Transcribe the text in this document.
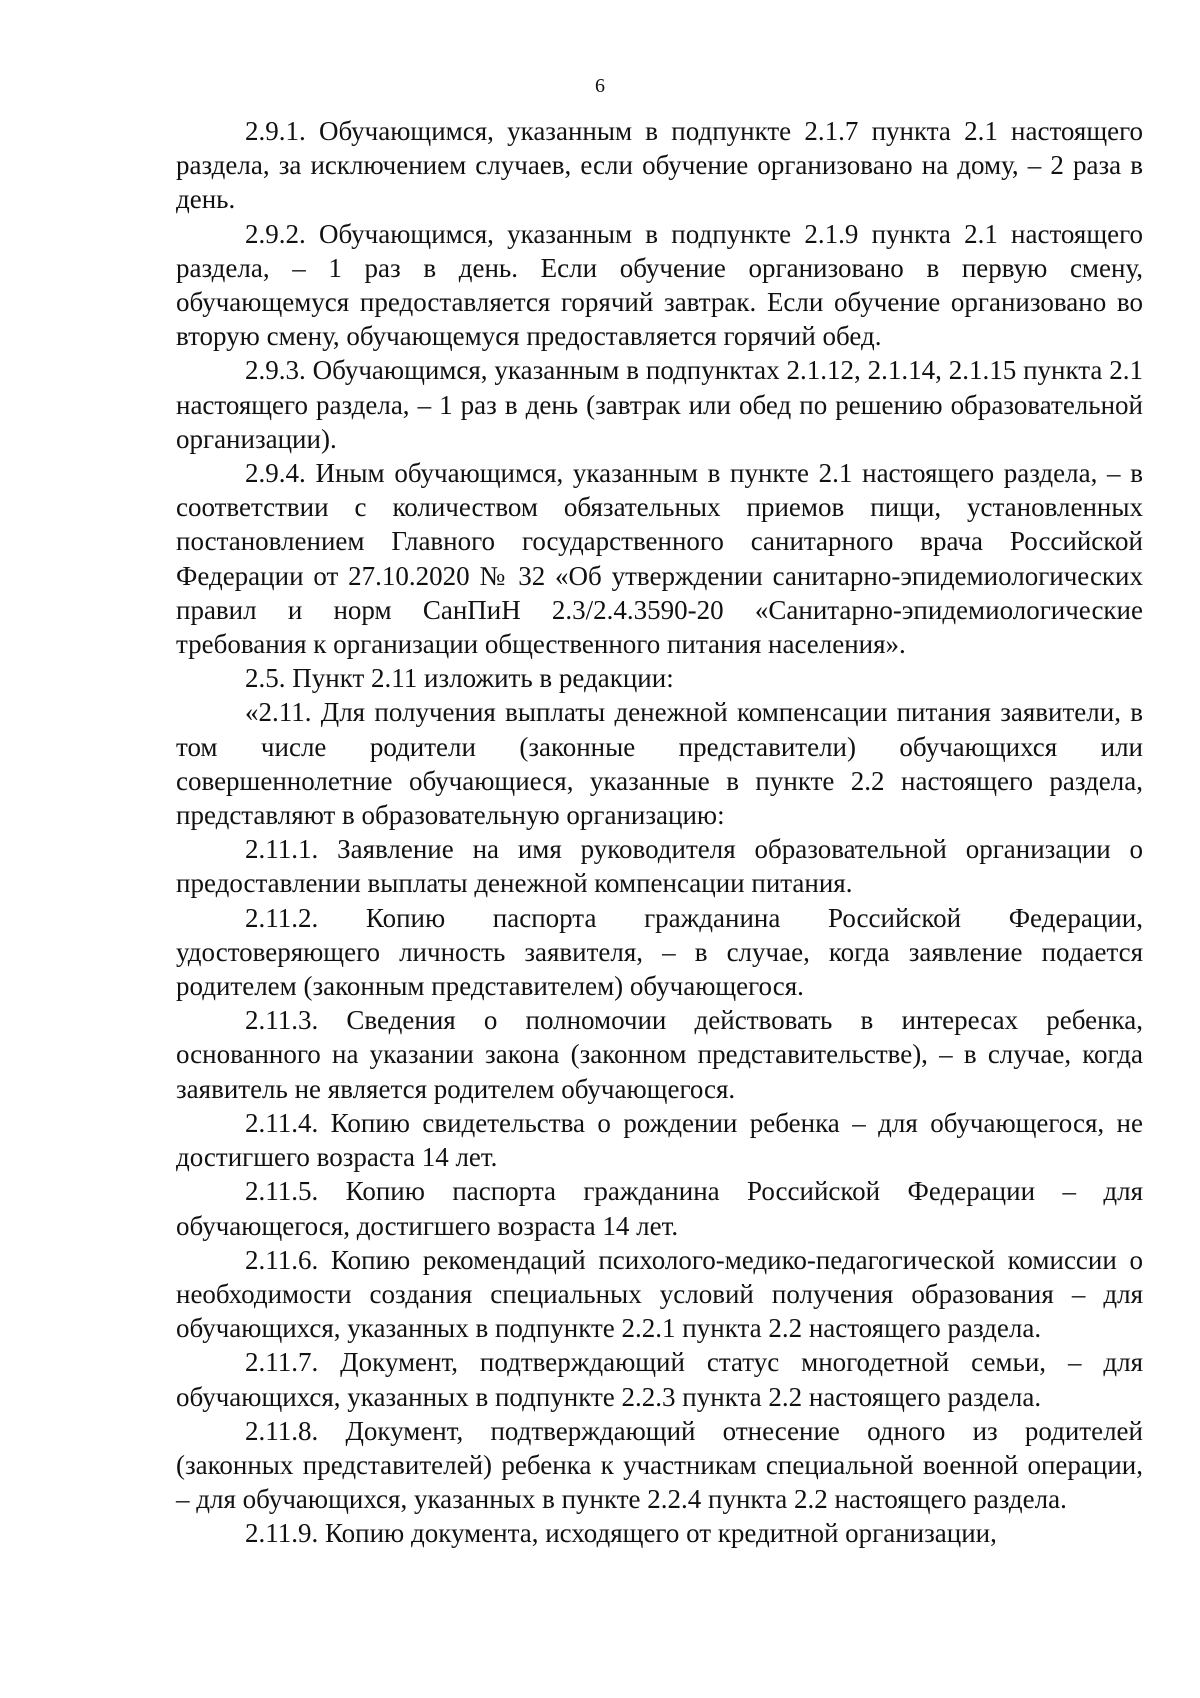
6

2.9.1. Обучающимся, указанным в подпункте 2.1.7 пункта 2.1 настоящего раздела, за исключением случаев, если обучение организовано на дому, – 2 раза в день.

2.9.2. Обучающимся, указанным в подпункте 2.1.9 пункта 2.1 настоящего раздела, – 1 раз в день. Если обучение организовано в первую смену, обучающемуся предоставляется горячий завтрак. Если обучение организовано во вторую смену, обучающемуся предоставляется горячий обед.

2.9.3. Обучающимся, указанным в подпунктах 2.1.12, 2.1.14, 2.1.15 пункта 2.1 настоящего раздела, – 1 раз в день (завтрак или обед по решению образовательной организации).

2.9.4. Иным обучающимся, указанным в пункте 2.1 настоящего раздела, – в соответствии с количеством обязательных приемов пищи, установленных постановлением Главного государственного санитарного врача Российской Федерации от 27.10.2020 № 32 «Об утверждении санитарно-эпидемиологических правил и норм СанПиН 2.3/2.4.3590-20 «Санитарно-эпидемиологические требования к организации общественного питания населения».

2.5. Пункт 2.11 изложить в редакции:

«2.11. Для получения выплаты денежной компенсации питания заявители, в том числе родители (законные представители) обучающихся или совершеннолетние обучающиеся, указанные в пункте 2.2 настоящего раздела, представляют в образовательную организацию:

2.11.1. Заявление на имя руководителя образовательной организации о предоставлении выплаты денежной компенсации питания.

2.11.2. Копию паспорта гражданина Российской Федерации, удостоверяющего личность заявителя, – в случае, когда заявление подается родителем (законным представителем) обучающегося.

2.11.3. Сведения о полномочии действовать в интересах ребенка, основанного на указании закона (законном представительстве), – в случае, когда заявитель не является родителем обучающегося.

2.11.4. Копию свидетельства о рождении ребенка – для обучающегося, не достигшего возраста 14 лет.

2.11.5. Копию паспорта гражданина Российской Федерации – для обучающегося, достигшего возраста 14 лет.

2.11.6. Копию рекомендаций психолого-медико-педагогической комиссии о необходимости создания специальных условий получения образования – для обучающихся, указанных в подпункте 2.2.1 пункта 2.2 настоящего раздела.

2.11.7. Документ, подтверждающий статус многодетной семьи, – для обучающихся, указанных в подпункте 2.2.3 пункта 2.2 настоящего раздела.

2.11.8. Документ, подтверждающий отнесение одного из родителей (законных представителей) ребенка к участникам специальной военной операции, – для обучающихся, указанных в пункте 2.2.4 пункта 2.2 настоящего раздела.

2.11.9. Копию документа, исходящего от кредитной организации,
